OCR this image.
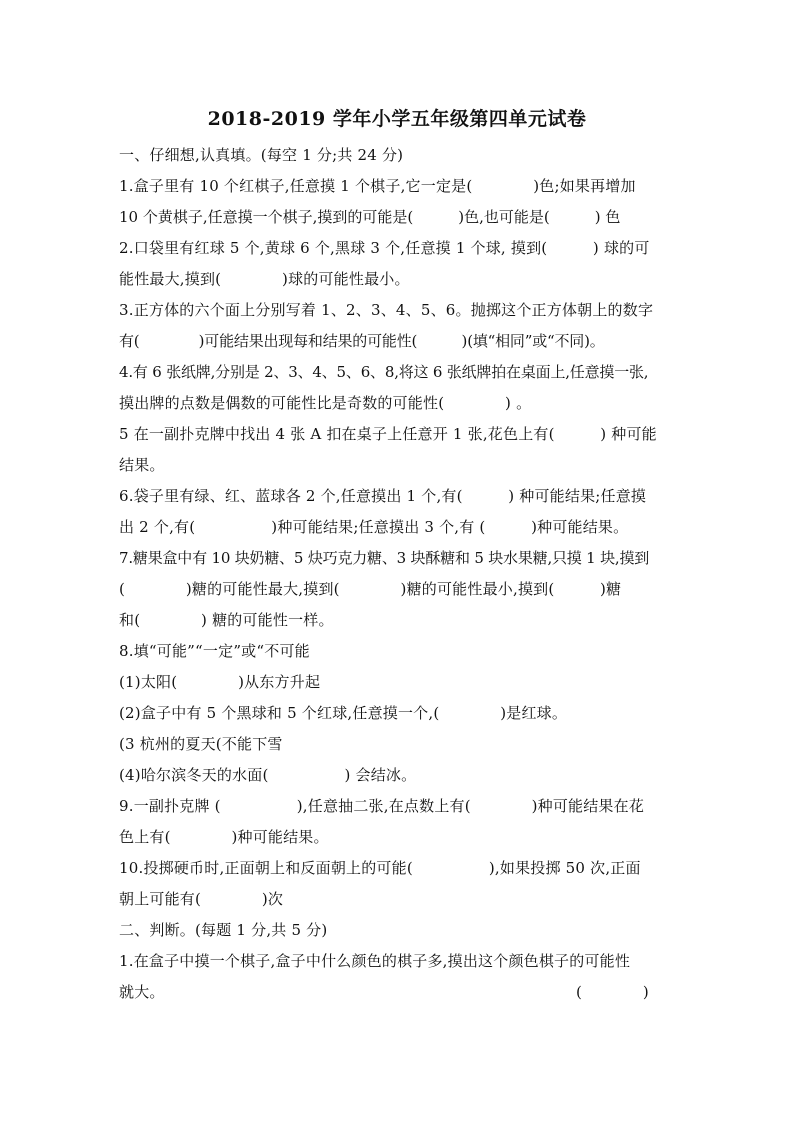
2018-2019 学年小学五年级第四单元试卷
一、仔细想,认真填。(每空 1 分;共 24 分)
1.盒子里有 10 个红棋子,任意摸 1 个棋子,它一定是(　　　　)色;如果再增加
10 个黄棋子,任意摸一个棋子,摸到的可能是(　　　)色,也可能是(　　　) 色
2.口袋里有红球 5 个,黄球 6 个,黑球 3 个,任意摸 1 个球, 摸到(　　　) 球的可
能性最大,摸到(　　　　)球的可能性最小。
3.正方体的六个面上分别写着 1、2、3、4、5、6。抛掷这个正方体朝上的数字
有(　　　　)可能结果出现每和结果的可能性(　　　)(填“相同”或“不同)。
4.有 6 张纸牌,分别是 2、3、4、5、6、8,将这 6 张纸牌拍在桌面上,任意摸一张,
摸出牌的点数是偶数的可能性比是奇数的可能性(　　　　) 。
5 在一副扑克牌中找出 4 张 A 扣在桌子上任意开 1 张,花色上有(　　　) 种可能
结果。
6.袋子里有绿、红、蓝球各 2 个,任意摸出 1 个,有(　　　) 种可能结果;任意摸
出 2 个,有(　　　　　)种可能结果;任意摸出 3 个,有 (　　　)种可能结果。
7.糖果盒中有 10 块奶糖、5 炔巧克力糖、3 块酥糖和 5 块水果糖,只摸 1 块,摸到
(　　　　)糖的可能性最大,摸到(　　　　)糖的可能性最小,摸到(　　　)糖
和(　　　　) 糖的可能性一样。
8.填“可能”“一定”或“不可能
(1)太阳(　　　　)从东方升起
(2)盒子中有 5 个黑球和 5 个红球,任意摸一个,(　　　　)是红球。
(3 杭州的夏天(不能下雪
(4)哈尔滨冬天的水面(　　　　　) 会结冰。
9.一副扑克牌 (　　　　　),任意抽二张,在点数上有(　　　　)种可能结果在花
色上有(　　　　)种可能结果。
10.投掷硬币时,正面朝上和反面朝上的可能(　　　　　),如果投掷 50 次,正面
朝上可能有(　　　　)次
二、判断。(每题 1 分,共 5 分)
1.在盒子中摸一个棋子,盒子中什么颜色的棋子多,摸出这个颜色棋子的可能性
就大。	(　　　　)
